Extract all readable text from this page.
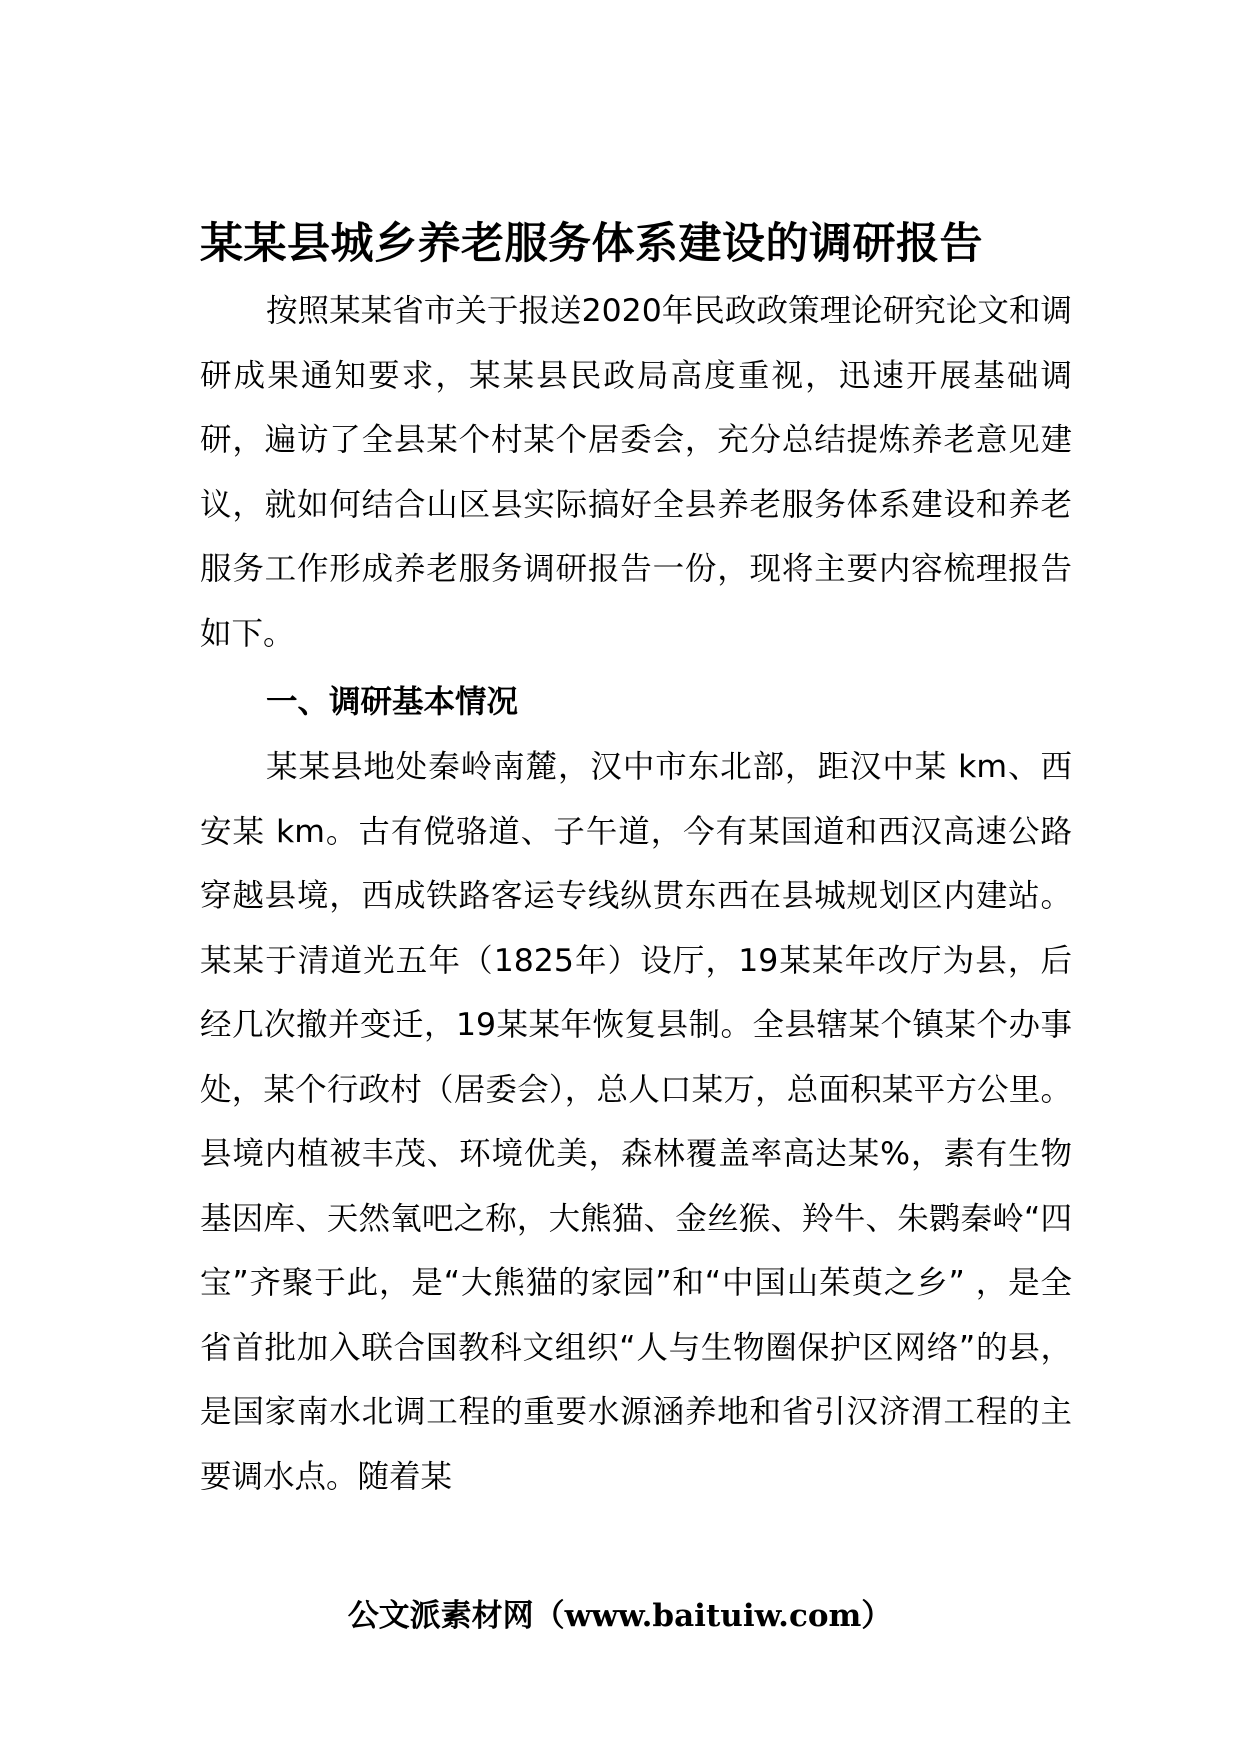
某某县城乡养老服务体系建设的调研报告

按照某某省市关于报送2020年民政政策理论研究论文和调研成果通知要求，某某县民政局高度重视，迅速开展基础调研，遍访了全县某个村某个居委会，充分总结提炼养老意见建议，就如何结合山区县实际搞好全县养老服务体系建设和养老服务工作形成养老服务调研报告一份，现将主要内容梳理报告如下。

一、调研基本情况

某某县地处秦岭南麓，汉中市东北部，距汉中某 km、西安某 km。古有傥骆道、子午道，今有某国道和西汉高速公路穿越县境，西成铁路客运专线纵贯东西在县城规划区内建站。某某于清道光五年（1825年）设厅，19某某年改厅为县，后经几次撤并变迁，19某某年恢复县制。全县辖某个镇某个办事处，某个行政村（居委会），总人口某万，总面积某平方公里。县境内植被丰茂、环境优美，森林覆盖率高达某%，素有生物基因库、天然氧吧之称，大熊猫、金丝猴、羚牛、朱鹮秦岭“四宝”齐聚于此，是“大熊猫的家园”和“中国山茱萸之乡” ，是全省首批加入联合国教科文组织“人与生物圈保护区网络”的县，是国家南水北调工程的重要水源涵养地和省引汉济渭工程的主要调水点。随着某

公文派素材网（www.baituiw.com）
